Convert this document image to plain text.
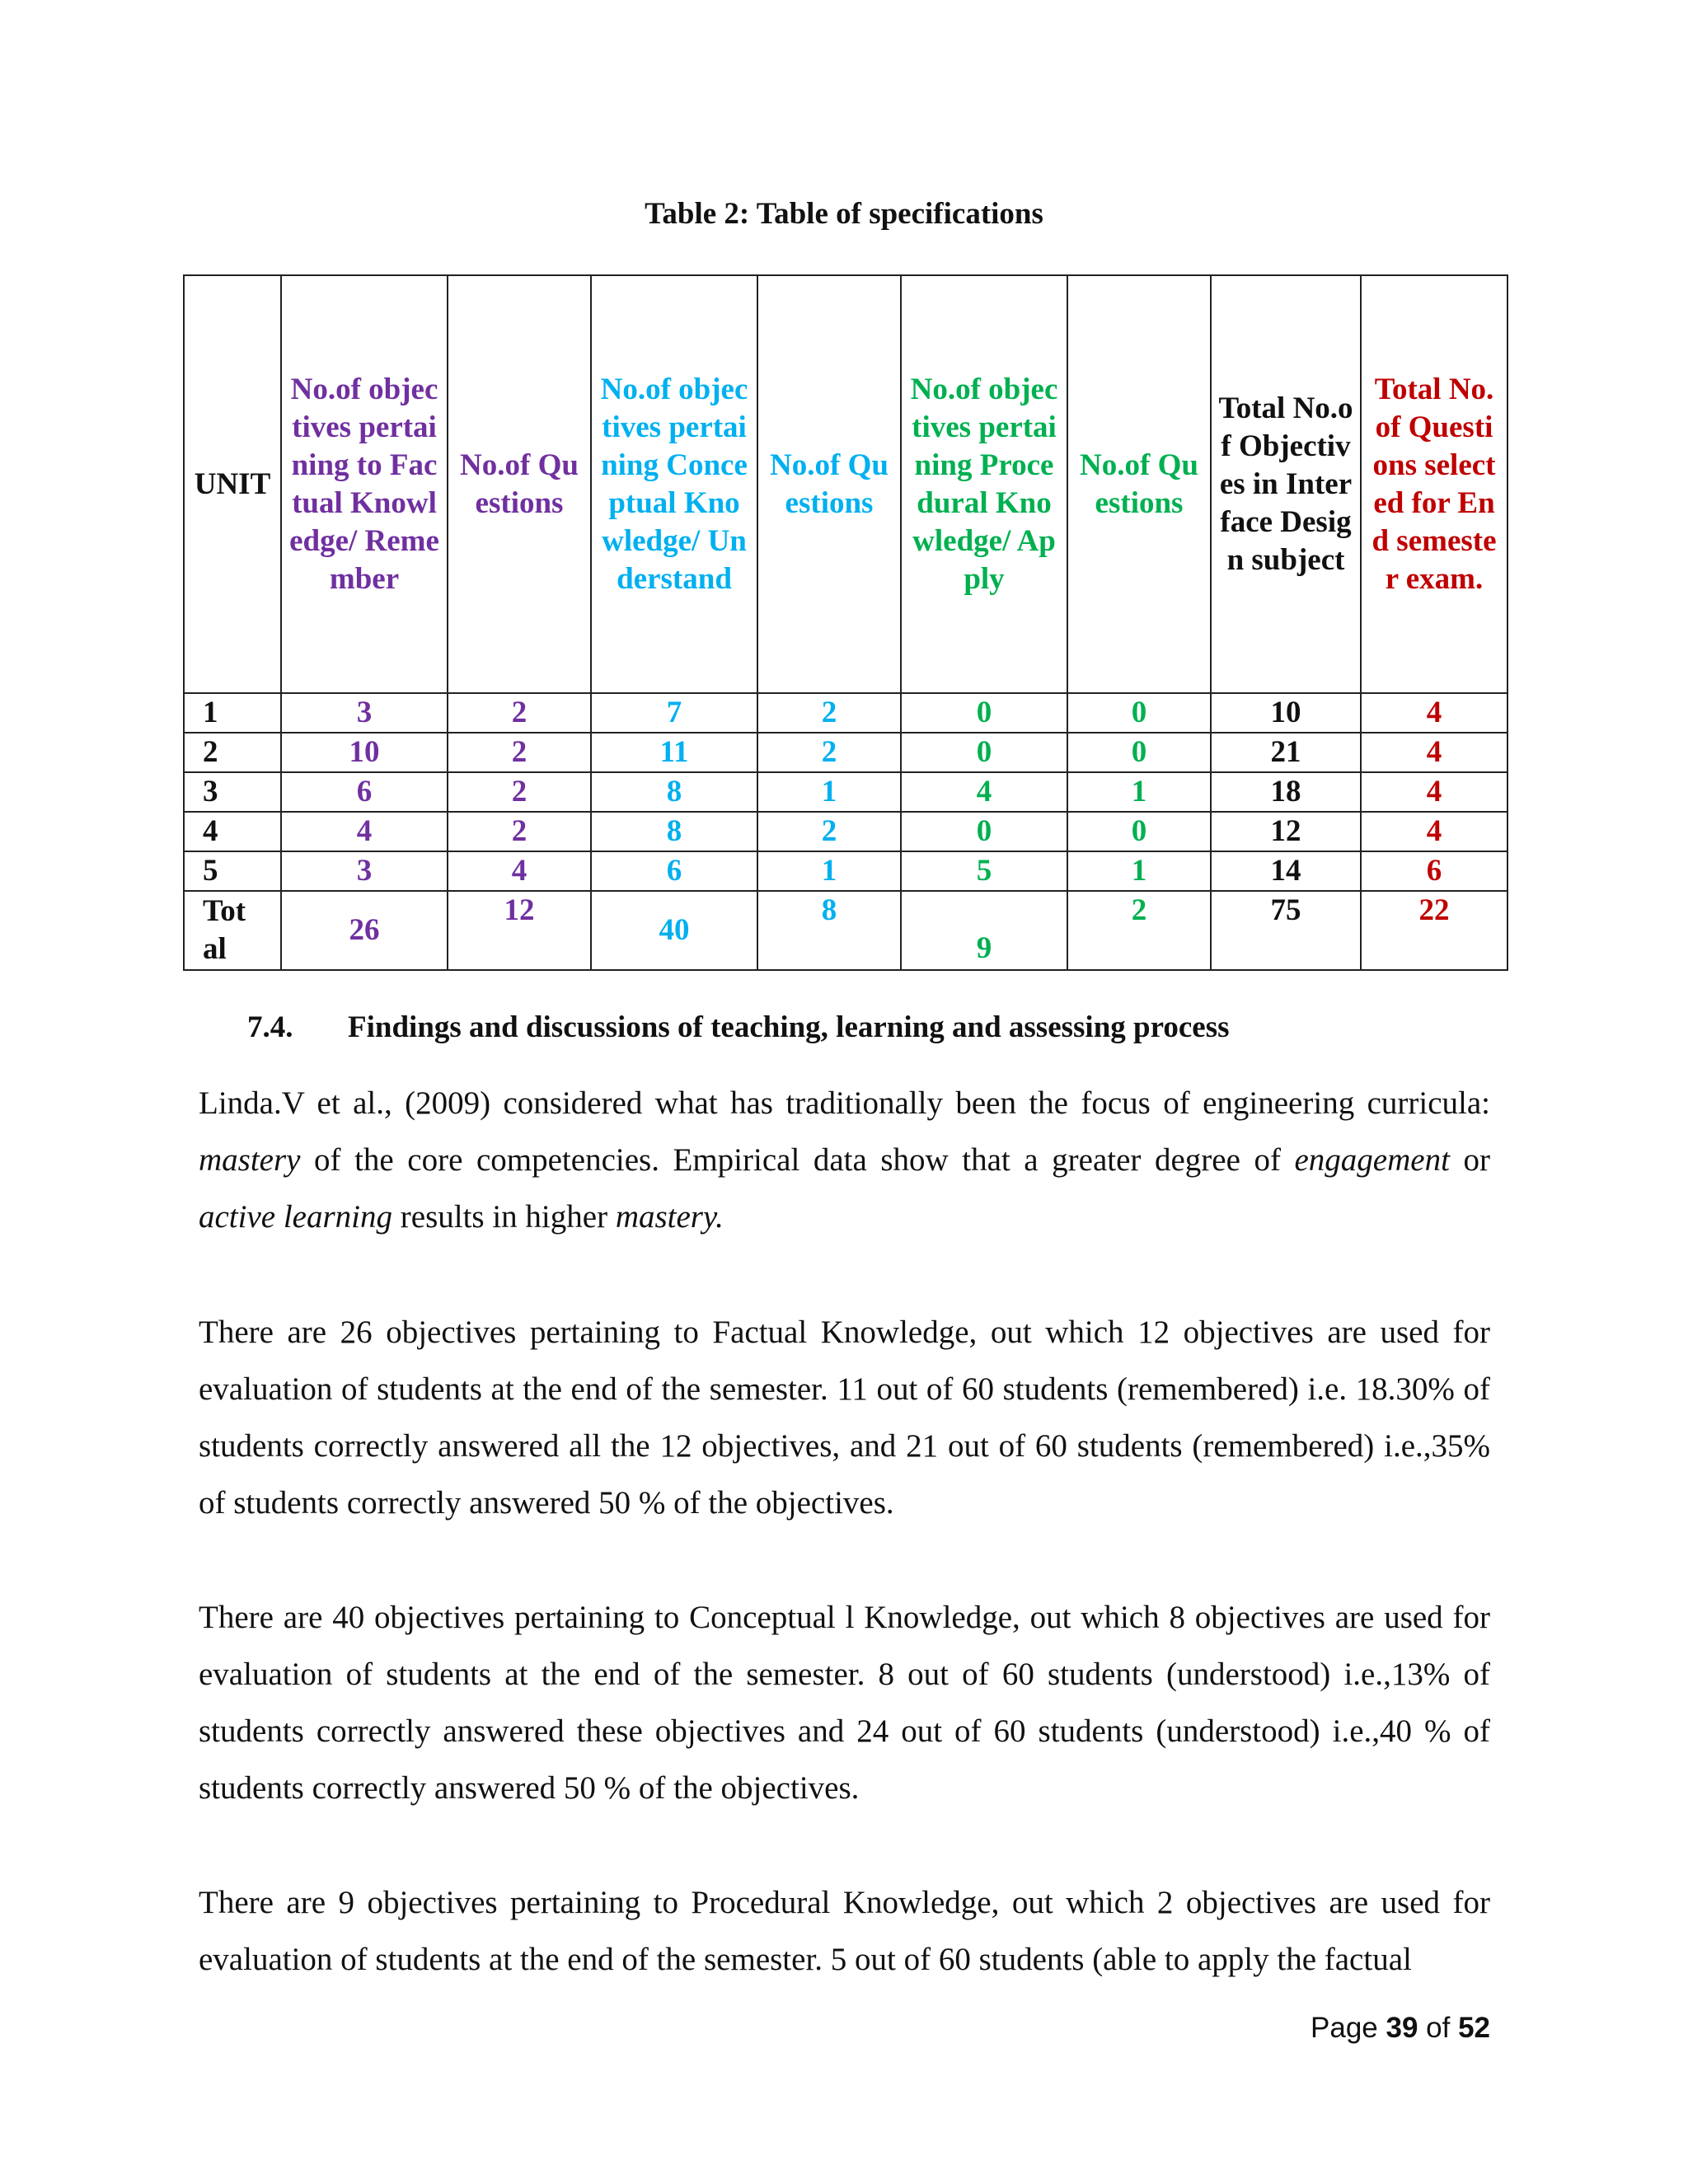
Table 2: Table of specifications
UNIT	No.of objectives pertaining to Factual Knowledge/ Remember	No.of Questions	No.of objectives pertaining Conceptual Knowledge/ Understand	No.of Questions	No.of objectives pertaining Procedural Knowledge/ Apply	No.of Questions	Total No.of Objectives in Interface Design subject	Total No.of Questions selected for End semester exam.

1	3	2	7	2	0	0	10	4
2	10	2	11	2	0	0	21	4
3	6	2	8	1	4	1	18	4
4	4	2	8	2	0	0	12	4
5	3	4	6	1	5	1	14	6
Total	26	12	40	8	9	2	75	22
7.4. Findings and discussions of teaching, learning and assessing process

Linda.V et al., (2009) considered what has traditionally been the focus of engineering curricula: mastery of the core competencies. Empirical data show that a greater degree of engagement or active learning results in higher mastery.

There are 26 objectives pertaining to Factual Knowledge, out which 12 objectives are used for evaluation of students at the end of the semester. 11 out of 60 students (remembered) i.e. 18.30% of students correctly answered all the 12 objectives, and 21 out of 60 students (remembered) i.e.,35% of students correctly answered 50 % of the objectives.

There are 40 objectives pertaining to Conceptual l Knowledge, out which 8 objectives are used for evaluation of students at the end of the semester. 8 out of 60 students (understood) i.e.,13% of students correctly answered these objectives and 24 out of 60 students (understood) i.e.,40 % of students correctly answered 50 % of the objectives.

There are 9 objectives pertaining to Procedural Knowledge, out which 2 objectives are used for evaluation of students at the end of the semester. 5 out of 60 students (able to apply the factual

Page 39 of 52
